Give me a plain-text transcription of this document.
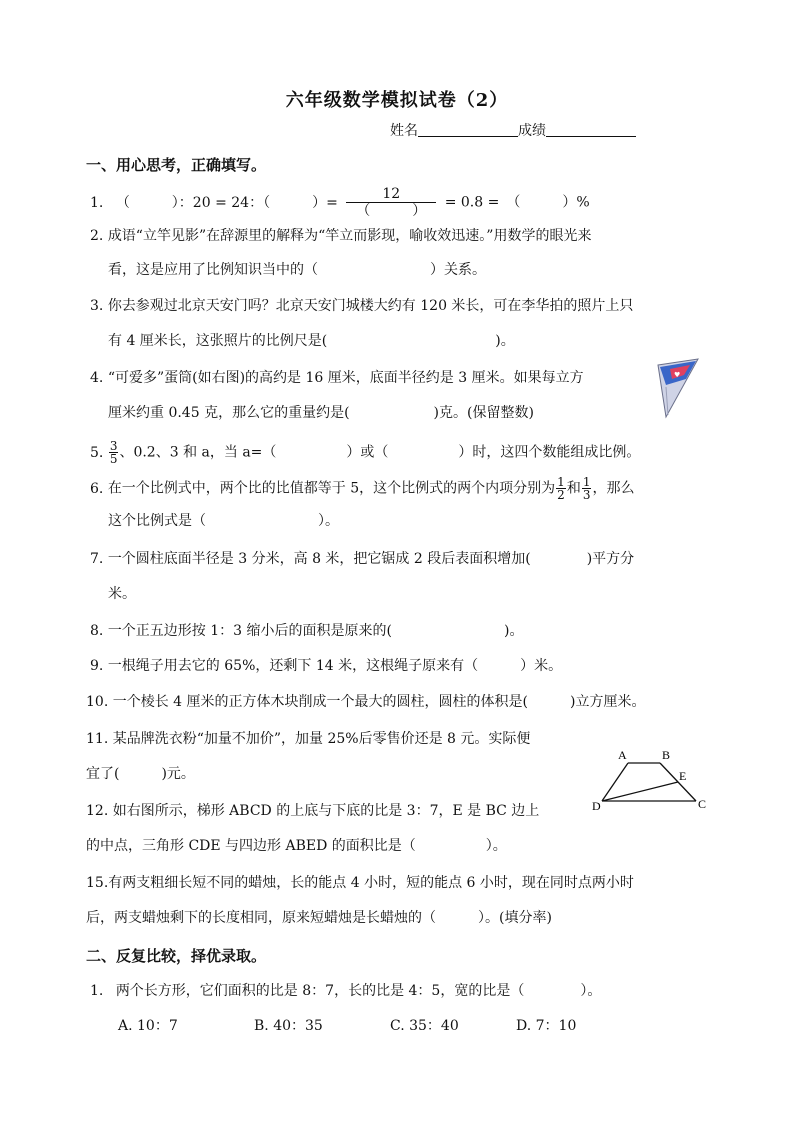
六年级数学模拟试卷（2）
姓名	成绩
一、用心思考，正确填写。
1. （　　　）：20 = 24：（　　　）=
12
（　　　）
= 0.8 =　（　　　）%
2. 成语“立竿见影”在辞源里的解释为“竿立而影现，喻收效迅速。”用数学的眼光来
看，这是应用了比例知识当中的（　　　　　　　　）关系。
3. 你去参观过北京天安门吗？北京天安门城楼大约有 120 米长，可在李华拍的照片上只
有 4 厘米长，这张照片的比例尺是(　　　　　　　　　　　　)。
4. “可爱多”蛋筒(如右图)的高约是 16 厘米，底面半径约是 3 厘米。如果每立方
厘米约重 0.45 克，那么它的重量约是(　　　　　　)克。(保留整数)
♥
5. $\frac{3}{5}$ 、0.2、3 和 a，当 a=（　　　　　）或（　　　　　）时，这四个数能组成比例。
6. 在一个比例式中，两个比的比值都等于 5，这个比例式的两个内项分别为 $\frac{1}{2}$ 和 $\frac{1}{3}$ ，那么
这个比例式是（　　　　　　　　）。
7. 一个圆柱底面半径是 3 分米，高 8 米，把它锯成 2 段后表面积增加(　　　　)平方分
米。
8. 一个正五边形按 1：3 缩小后的面积是原来的(　　　　　　　　)。
9. 一根绳子用去它的 65%，还剩下 14 米，这根绳子原来有（　　　）米。
10. 一个棱长 4 厘米的正方体木块削成一个最大的圆柱，圆柱的体积是(　　　)立方厘米。
11. 某品牌洗衣粉“加量不加价”，加量 25%后零售价还是 8 元。实际便
宜了(　　　)元。
A	B
C
D
E
12. 如右图所示，梯形 ABCD 的上底与下底的比是 3：7，E 是 BC 边上
的中点，三角形 CDE 与四边形 ABED 的面积比是（　　　　　）。
15.有两支粗细长短不同的蜡烛，长的能点 4 小时，短的能点 6 小时，现在同时点两小时
后，两支蜡烛剩下的长度相同，原来短蜡烛是长蜡烛的（　　　）。(填分率)
二、反复比较，择优录取。
1. 两个长方形，它们面积的比是 8：7，长的比是 4：5，宽的比是（　　　　）。
A. 10：7	B. 40：35	C. 35：40	D. 7：10
